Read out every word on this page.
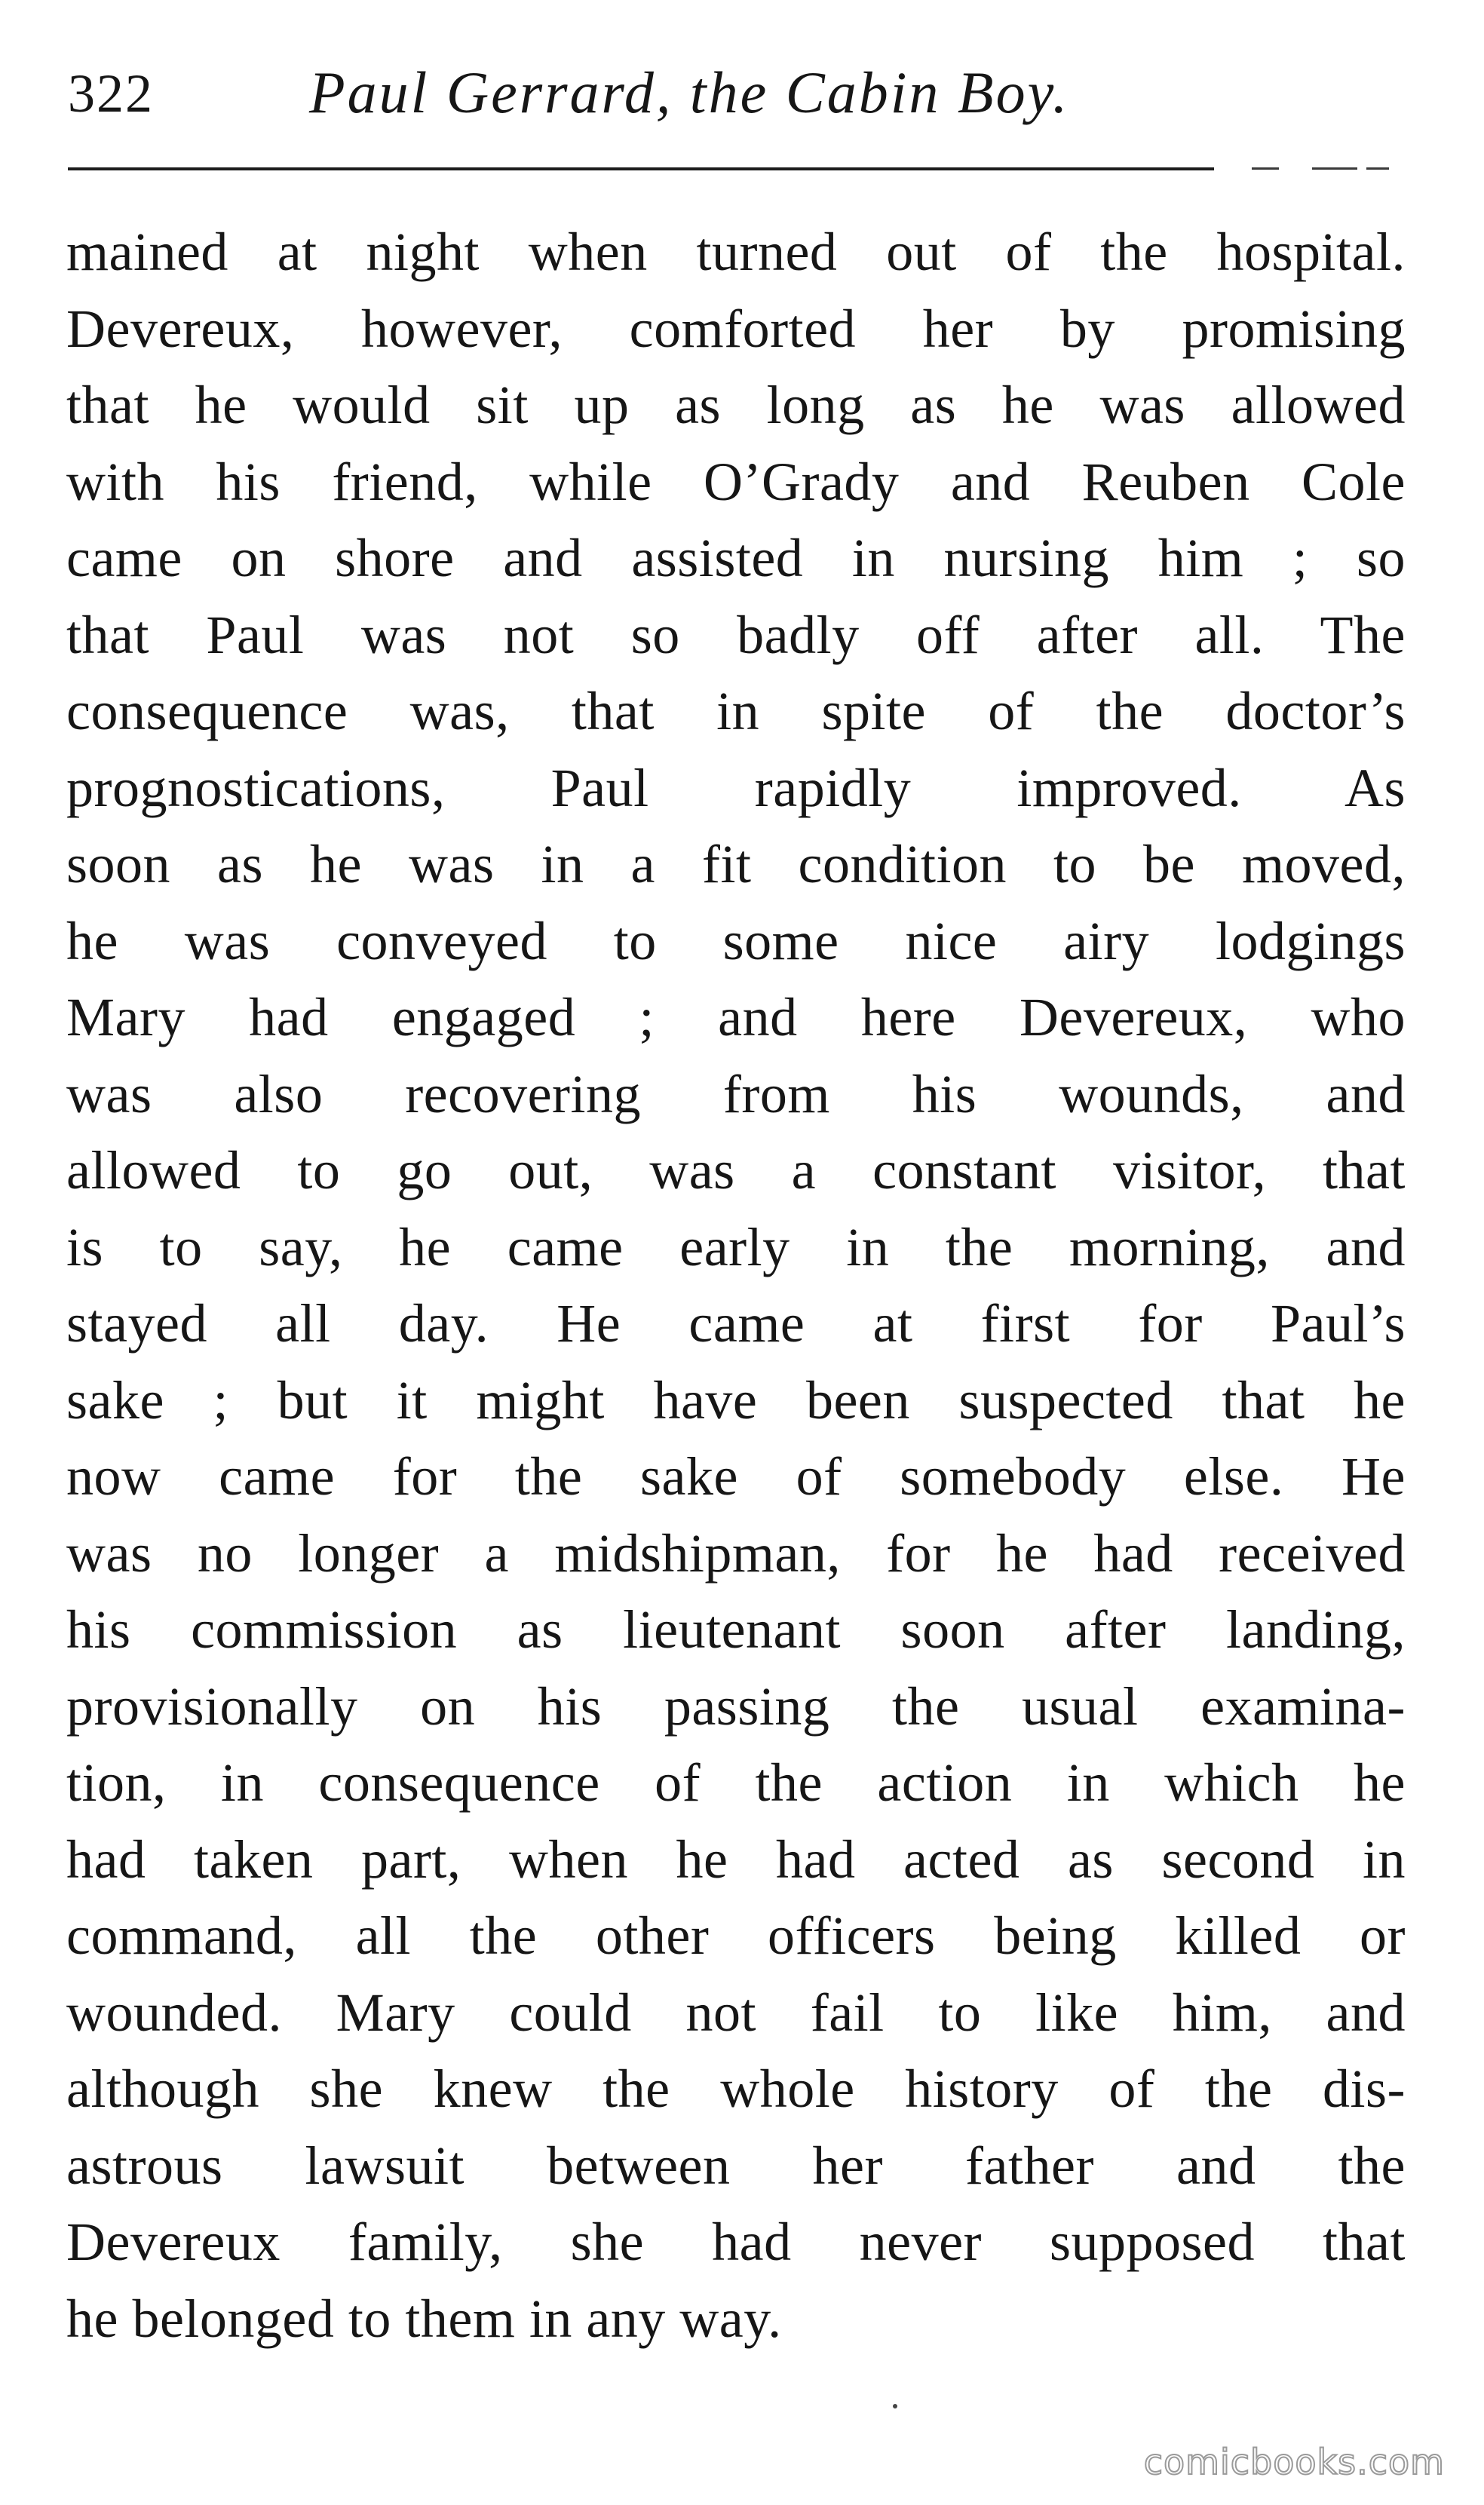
322	Paul Gerrard, the Cabin Boy.
mained at night when turned out of the hospital.
Devereux, however, comforted her by promising
that he would sit up as long as he was allowed
with his friend, while O’Grady and Reuben Cole
came on shore and assisted in nursing him ; so
that Paul was not so badly off after all. The
consequence was, that in spite of the doctor’s
prognostications, Paul rapidly improved. As
soon as he was in a fit condition to be moved,
he was conveyed to some nice airy lodgings
Mary had engaged ; and here Devereux, who
was also recovering from his wounds, and
allowed to go out, was a constant visitor, that
is to say, he came early in the morning, and
stayed all day. He came at first for Paul’s
sake ; but it might have been suspected that he
now came for the sake of somebody else. He
was no longer a midshipman, for he had received
his commission as lieutenant soon after landing,
provisionally on his passing the usual examina-
tion, in consequence of the action in which he
had taken part, when he had acted as second in
command, all the other officers being killed or
wounded. Mary could not fail to like him, and
although she knew the whole history of the dis-
astrous lawsuit between her father and the
Devereux family, she had never supposed that
he belonged to them in any way.
comicbooks.com
